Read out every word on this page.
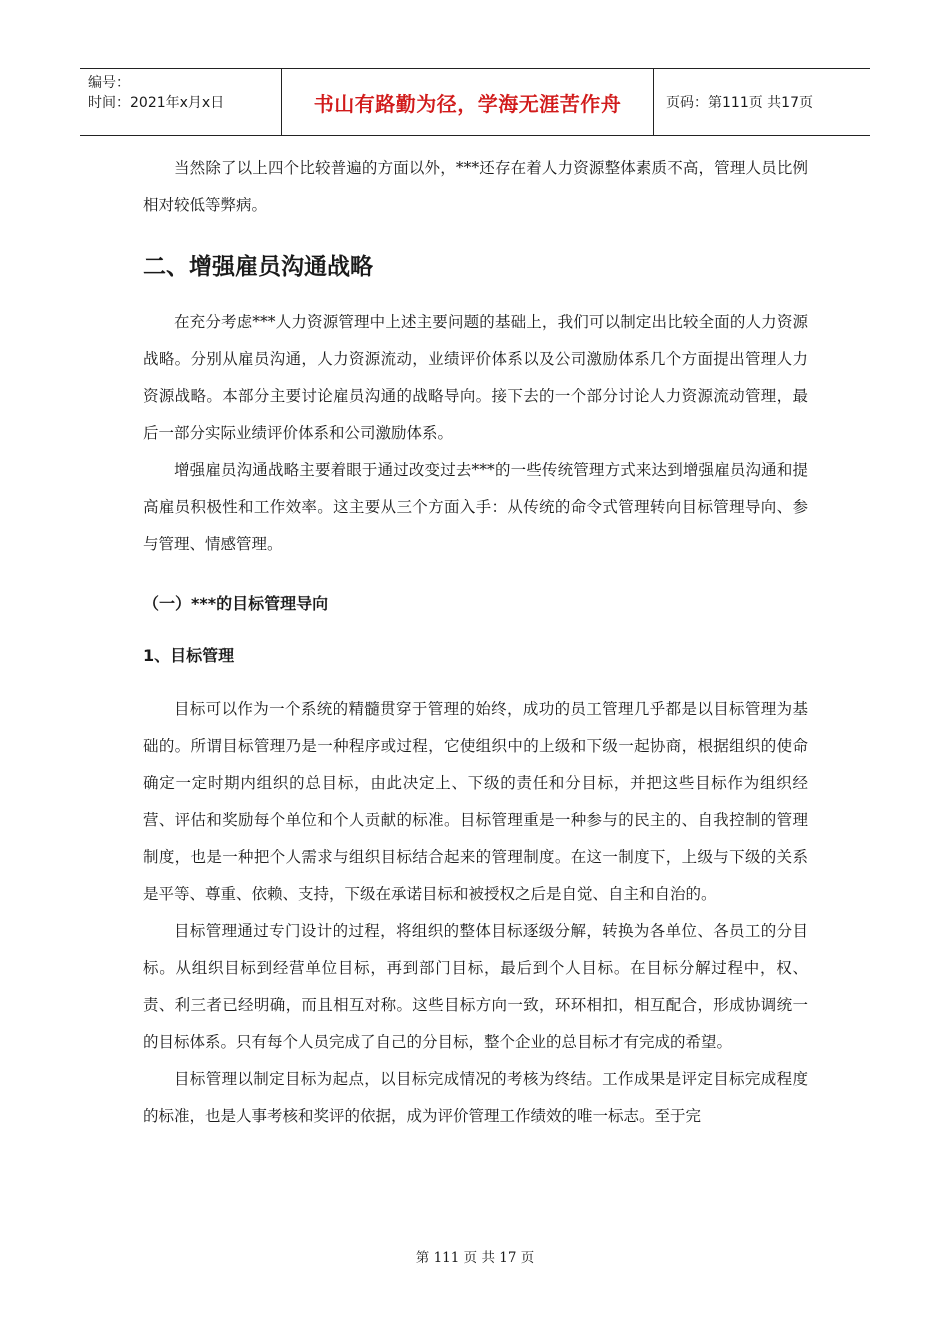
编号：
时间：2021年x月x日	书山有路勤为径，学海无涯苦作舟	页码：第111页 共17页

当然除了以上四个比较普遍的方面以外，***还存在着人力资源整体素质不高，管理人员比例相对较低等弊病。

二、增强雇员沟通战略

在充分考虑***人力资源管理中上述主要问题的基础上，我们可以制定出比较全面的人力资源战略。分别从雇员沟通，人力资源流动，业绩评价体系以及公司激励体系几个方面提出管理人力资源战略。本部分主要讨论雇员沟通的战略导向。接下去的一个部分讨论人力资源流动管理，最后一部分实际业绩评价体系和公司激励体系。

增强雇员沟通战略主要着眼于通过改变过去***的一些传统管理方式来达到增强雇员沟通和提高雇员积极性和工作效率。这主要从三个方面入手：从传统的命令式管理转向目标管理导向、参与管理、情感管理。

（一）***的目标管理导向
1、目标管理

目标可以作为一个系统的精髓贯穿于管理的始终，成功的员工管理几乎都是以目标管理为基础的。所谓目标管理乃是一种程序或过程，它使组织中的上级和下级一起协商，根据组织的使命确定一定时期内组织的总目标，由此决定上、下级的责任和分目标，并把这些目标作为组织经营、评估和奖励每个单位和个人贡献的标准。目标管理重是一种参与的民主的、自我控制的管理制度，也是一种把个人需求与组织目标结合起来的管理制度。在这一制度下，上级与下级的关系是平等、尊重、依赖、支持，下级在承诺目标和被授权之后是自觉、自主和自治的。

目标管理通过专门设计的过程，将组织的整体目标逐级分解，转换为各单位、各员工的分目标。从组织目标到经营单位目标，再到部门目标，最后到个人目标。在目标分解过程中，权、责、利三者已经明确，而且相互对称。这些目标方向一致，环环相扣，相互配合，形成协调统一的目标体系。只有每个人员完成了自己的分目标，整个企业的总目标才有完成的希望。

目标管理以制定目标为起点，以目标完成情况的考核为终结。工作成果是评定目标完成程度的标准，也是人事考核和奖评的依据，成为评价管理工作绩效的唯一标志。至于完

第 111 页 共 17 页
